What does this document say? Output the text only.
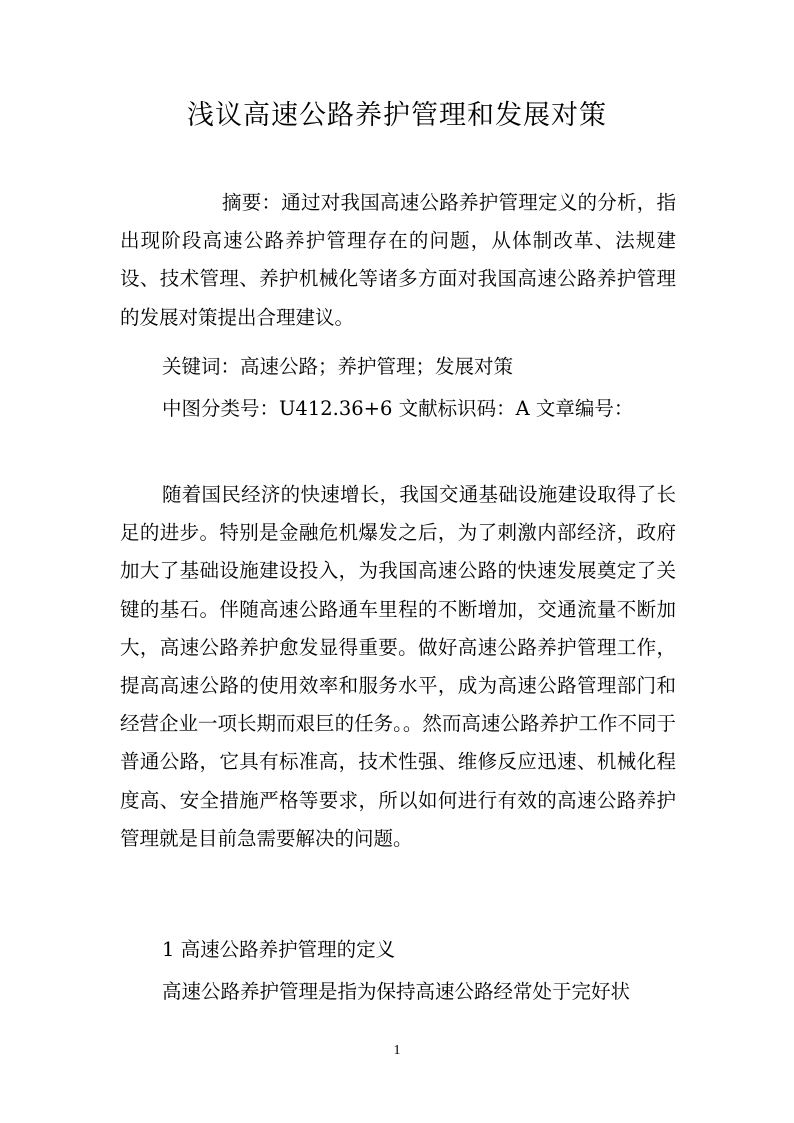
浅议高速公路养护管理和发展对策

摘要：通过对我国高速公路养护管理定义的分析，指出现阶段高速公路养护管理存在的问题，从体制改革、法规建设、技术管理、养护机械化等诸多方面对我国高速公路养护管理的发展对策提出合理建议。

关键词：高速公路；养护管理；发展对策

中图分类号：U412.36+6 文献标识码：A 文章编号：

随着国民经济的快速增长，我国交通基础设施建设取得了长足的进步。特别是金融危机爆发之后，为了刺激内部经济，政府加大了基础设施建设投入，为我国高速公路的快速发展奠定了关键的基石。伴随高速公路通车里程的不断增加，交通流量不断加大，高速公路养护愈发显得重要。做好高速公路养护管理工作，提高高速公路的使用效率和服务水平，成为高速公路管理部门和经营企业一项长期而艰巨的任务。。然而高速公路养护工作不同于普通公路，它具有标准高，技术性强、维修反应迅速、机械化程度高、安全措施严格等要求，所以如何进行有效的高速公路养护管理就是目前急需要解决的问题。

1 高速公路养护管理的定义

高速公路养护管理是指为保持高速公路经常处于完好状

1
